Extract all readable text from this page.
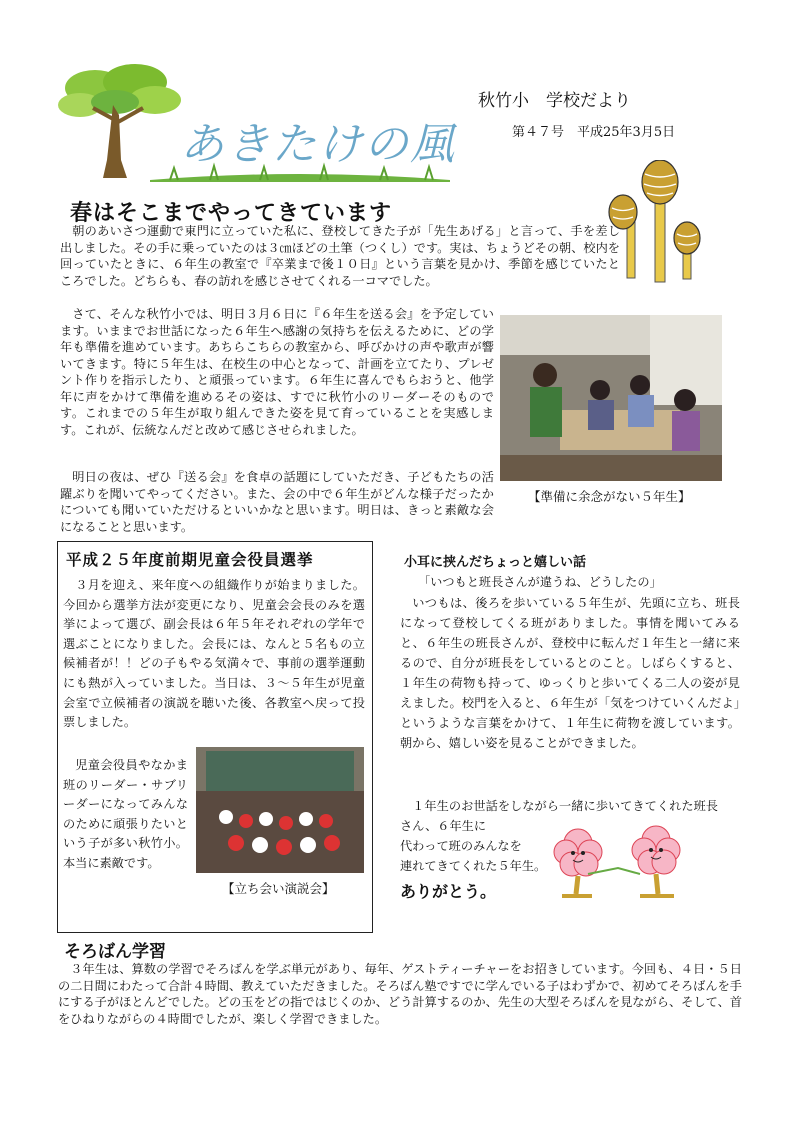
あきたけの風
秋竹小　学校だより
第４７号　平成25年3月5日
春はそこまでやってきています
朝のあいさつ運動で東門に立っていた私に、登校してきた子が「先生あげる」と言って、手を差し出しました。その手に乗っていたのは３㎝ほどの土筆（つくし）です。実は、ちょうどその朝、校内を回っていたときに、６年生の教室で『卒業まで後１０日』という言葉を見かけ、季節を感じていたところでした。どちらも、春の訪れを感じさせてくれる一コマでした。
さて、そんな秋竹小では、明日３月６日に『６年生を送る会』を予定しています。いままでお世話になった６年生へ感謝の気持ちを伝えるために、どの学年も準備を進めています。あちらこちらの教室から、呼びかけの声や歌声が響いてきます。特に５年生は、在校生の中心となって、計画を立てたり、プレゼント作りを指示したり、と頑張っています。６年生に喜んでもらおうと、他学年に声をかけて準備を進めるその姿は、すでに秋竹小のリーダーそのものです。これまでの５年生が取り組んできた姿を見て育っていることを実感します。これが、伝統なんだと改めて感じさせられました。
明日の夜は、ぜひ『送る会』を食卓の話題にしていただき、子どもたちの活躍ぶりを聞いてやってください。また、会の中で６年生がどんな様子だったかについても聞いていただけるといいかなと思います。明日は、きっと素敵な会になることと思います。
【準備に余念がない５年生】
平成２５年度前期児童会役員選挙
３月を迎え、来年度への組織作りが始まりました。今回から選挙方法が変更になり、児童会会長のみを選挙によって選び、副会長は６年５年それぞれの学年で選ぶことになりました。会長には、なんと５名もの立候補者が！！どの子もやる気満々で、事前の選挙運動にも熱が入っていました。当日は、３～５年生が児童会室で立候補者の演説を聴いた後、各教室へ戻って投票しました。
児童会役員やなかま班のリーダー・サブリーダーになってみんなのために頑張りたいという子が多い秋竹小。本当に素敵です。
【立ち会い演説会】
小耳に挟んだちょっと嬉しい話
「いつもと班長さんが違うね、どうしたの」
いつもは、後ろを歩いている５年生が、先頭に立ち、班長になって登校してくる班がありました。事情を聞いてみると、６年生の班長さんが、登校中に転んだ１年生と一緒に来るので、自分が班長をしているとのこと。しばらくすると、１年生の荷物も持って、ゆっくりと歩いてくる二人の姿が見えました。校門を入ると、６年生が「気をつけていくんだよ」というような言葉をかけて、１年生に荷物を渡しています。朝から、嬉しい姿を見ることができました。
１年生のお世話をしながら一緒に歩いてきてくれた班長さん、６年生に
代わって班のみんなを
連れてきてくれた５年生。
ありがとう。
そろばん学習
３年生は、算数の学習でそろばんを学ぶ単元があり、毎年、ゲストティーチャーをお招きしています。今回も、４日・５日の二日間にわたって合計４時間、教えていただきました。そろばん塾ですでに学んでいる子はわずかで、初めてそろばんを手にする子がほとんどでした。どの玉をどの指ではじくのか、どう計算するのか、先生の大型そろばんを見ながら、そして、首をひねりながらの４時間でしたが、楽しく学習できました。
